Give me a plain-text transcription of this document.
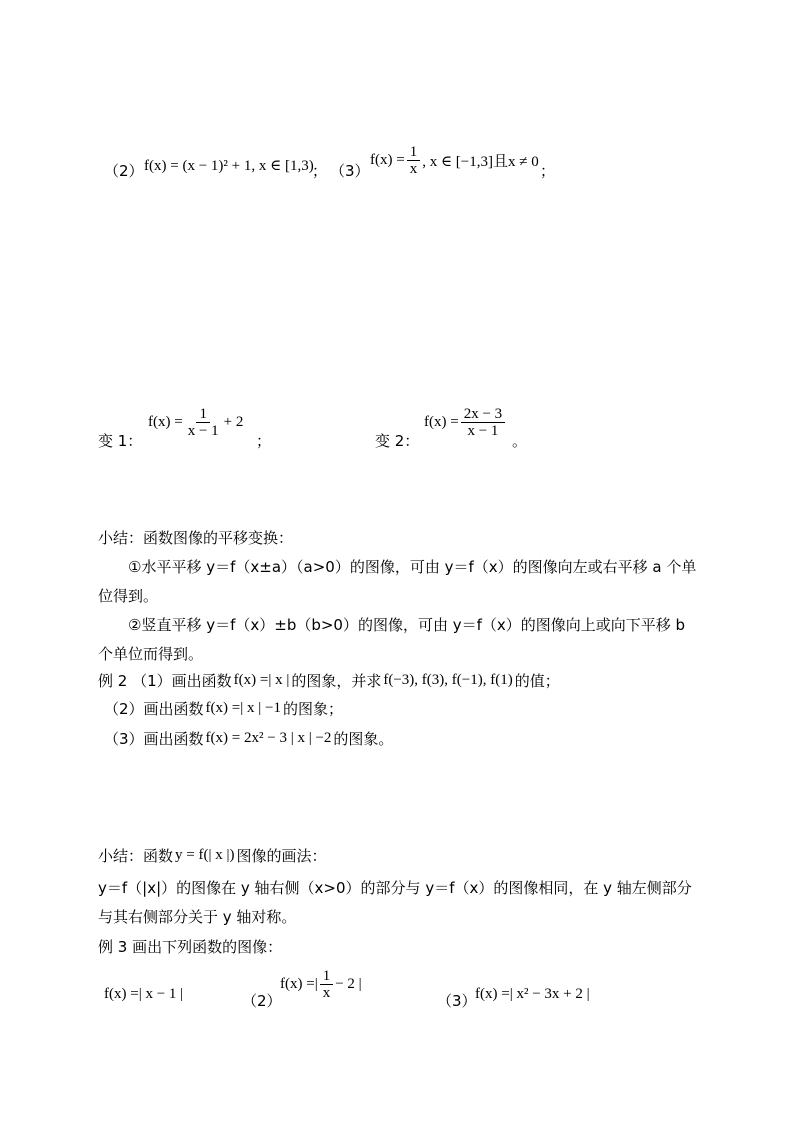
（2） f(x) = (x − 1)² + 1, x ∈ [1,3)
； （3）
$f(x) = \frac{1}{x}$ , x ∈ [−1,3]且x ≠ 0 ；
变 1：
$f(x) = \frac{1}{x - 1} + 2$
；	变 2：
$f(x) = \frac{2x - 3}{x - 1}$
。
小结：函数图像的平移变换：
①水平平移 y＝f（x±a）（a>0）的图像，可由 y＝f（x）的图像向左或右平移 a 个单
位得到。
②竖直平移 y＝f（x）±b（b>0）的图像，可由 y＝f（x）的图像向上或向下平移 b
个单位而得到。
例 2 （1）画出函数 f(x) =| x | 的图象，并求 f(−3), f(3), f(−1), f(1) 的值；
（2）画出函数 f(x) =| x | −1 的图象；
（3）画出函数 f(x) = 2x² − 3 | x | −2 的图象。
小结：函数 y = f(| x |) 图像的画法：
y＝f（|x|）的图像在 y 轴右侧（x>0）的部分与 y＝f（x）的图像相同，在 y 轴左侧部分
与其右侧部分关于 y 轴对称。
例 3 画出下列函数的图像：
f(x) =| x − 1 |	（2）
f(x) =| $\frac{1}{x} - 2$ |
（3）
f(x) =| x² − 3x + 2 |
